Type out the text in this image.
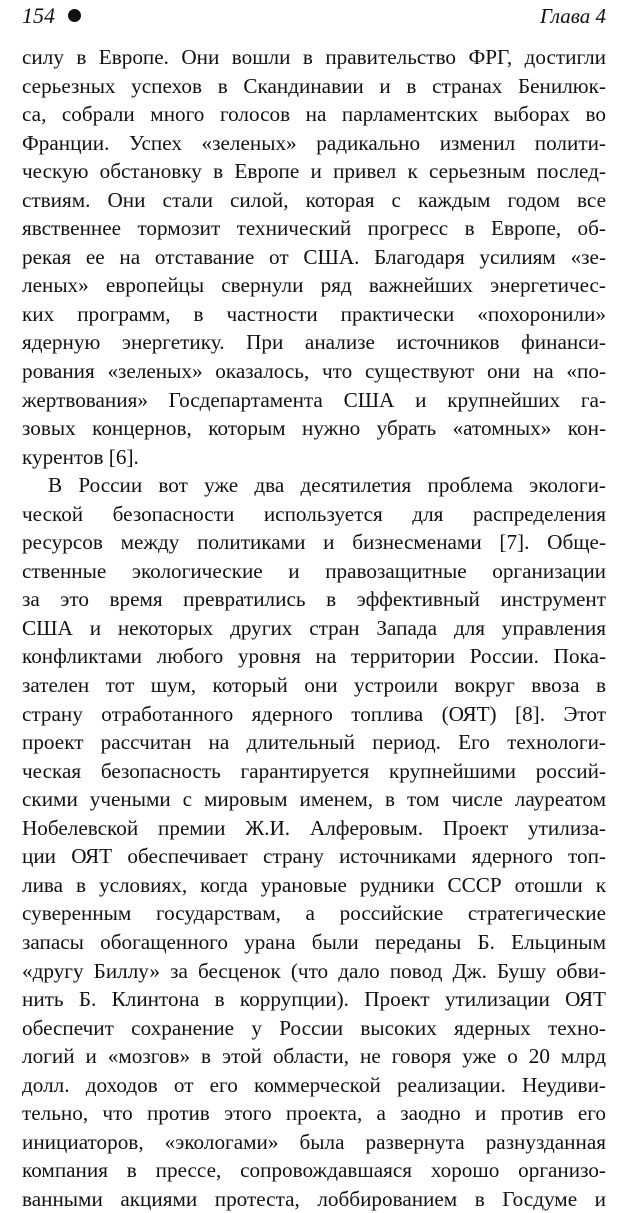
154	Глава 4
силу в Европе. Они вошли в правительство ФРГ, достигли
серьезных успехов в Скандинавии и в странах Бенилюк-
са, собрали много голосов на парламентских выборах во
Франции. Успех «зеленых» радикально изменил полити-
ческую обстановку в Европе и привел к серьезным послед-
ствиям. Они стали силой, которая с каждым годом все
явственнее тормозит технический прогресс в Европе, об-
рекая ее на отставание от США. Благодаря усилиям «зе-
леных» европейцы свернули ряд важнейших энергетичес-
ких программ, в частности практически «похоронили»
ядерную энергетику. При анализе источников финанси-
рования «зеленых» оказалось, что существуют они на «по-
жертвования» Госдепартамента США и крупнейших га-
зовых концернов, которым нужно убрать «атомных» кон-
курентов [6].
В России вот уже два десятилетия проблема экологи-
ческой безопасности используется для распределения
ресурсов между политиками и бизнесменами [7]. Обще-
ственные экологические и правозащитные организации
за это время превратились в эффективный инструмент
США и некоторых других стран Запада для управления
конфликтами любого уровня на территории России. Пока-
зателен тот шум, который они устроили вокруг ввоза в
страну отработанного ядерного топлива (ОЯТ) [8]. Этот
проект рассчитан на длительный период. Его технологи-
ческая безопасность гарантируется крупнейшими россий-
скими учеными с мировым именем, в том числе лауреатом
Нобелевской премии Ж.И. Алферовым. Проект утилиза-
ции ОЯТ обеспечивает страну источниками ядерного топ-
лива в условиях, когда урановые рудники СССР отошли к
суверенным государствам, а российские стратегические
запасы обогащенного урана были переданы Б. Ельциным
«другу Биллу» за бесценок (что дало повод Дж. Бушу обви-
нить Б. Клинтона в коррупции). Проект утилизации ОЯТ
обеспечит сохранение у России высоких ядерных техно-
логий и «мозгов» в этой области, не говоря уже о 20 млрд
долл. доходов от его коммерческой реализации. Неудиви-
тельно, что против этого проекта, а заодно и против его
инициаторов, «экологами» была развернута разнузданная
компания в прессе, сопровождавшаяся хорошо организо-
ванными акциями протеста, лоббированием в Госдуме и
